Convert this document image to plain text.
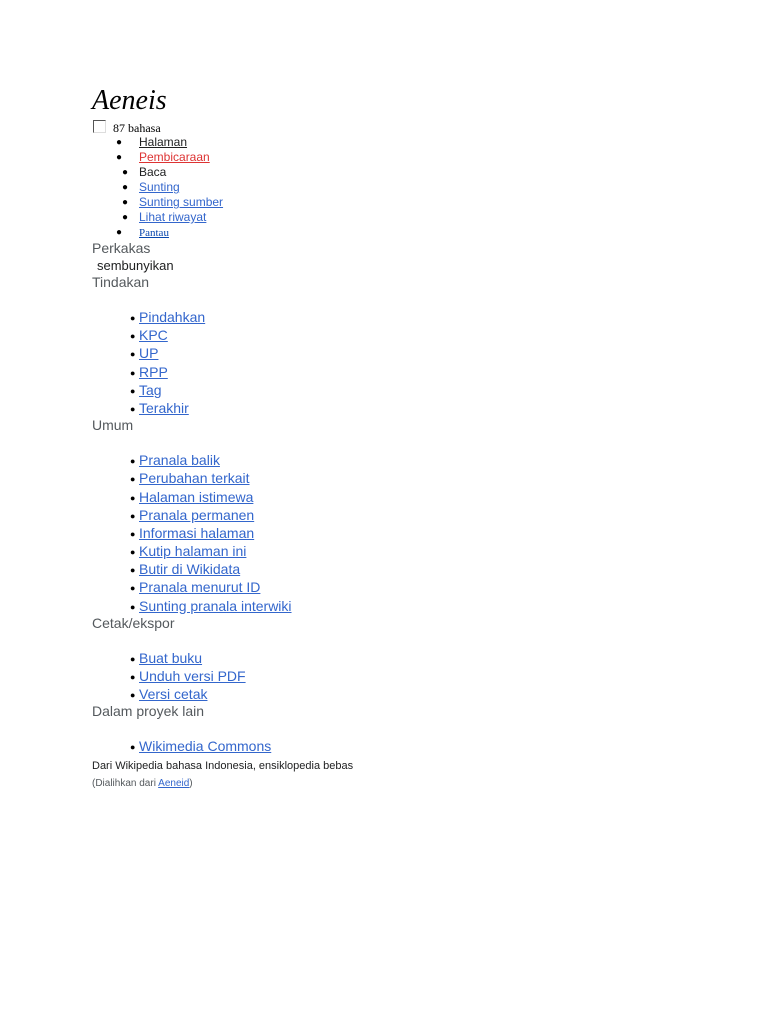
Aeneis
87 bahasa
● Halaman
● Pembicaraan
● Baca
● Sunting
● Sunting sumber
● Lihat riwayat
● Pantau
Perkakas
sembunyikan
Tindakan
● Pindahkan
● KPC
● UP
● RPP
● Tag
● Terakhir
Umum
● Pranala balik
● Perubahan terkait
● Halaman istimewa
● Pranala permanen
● Informasi halaman
● Kutip halaman ini
● Butir di Wikidata
● Pranala menurut ID
● Sunting pranala interwiki
Cetak/ekspor
● Buat buku
● Unduh versi PDF
● Versi cetak
Dalam proyek lain
● Wikimedia Commons
Dari Wikipedia bahasa Indonesia, ensiklopedia bebas
(Dialihkan dari Aeneid)
